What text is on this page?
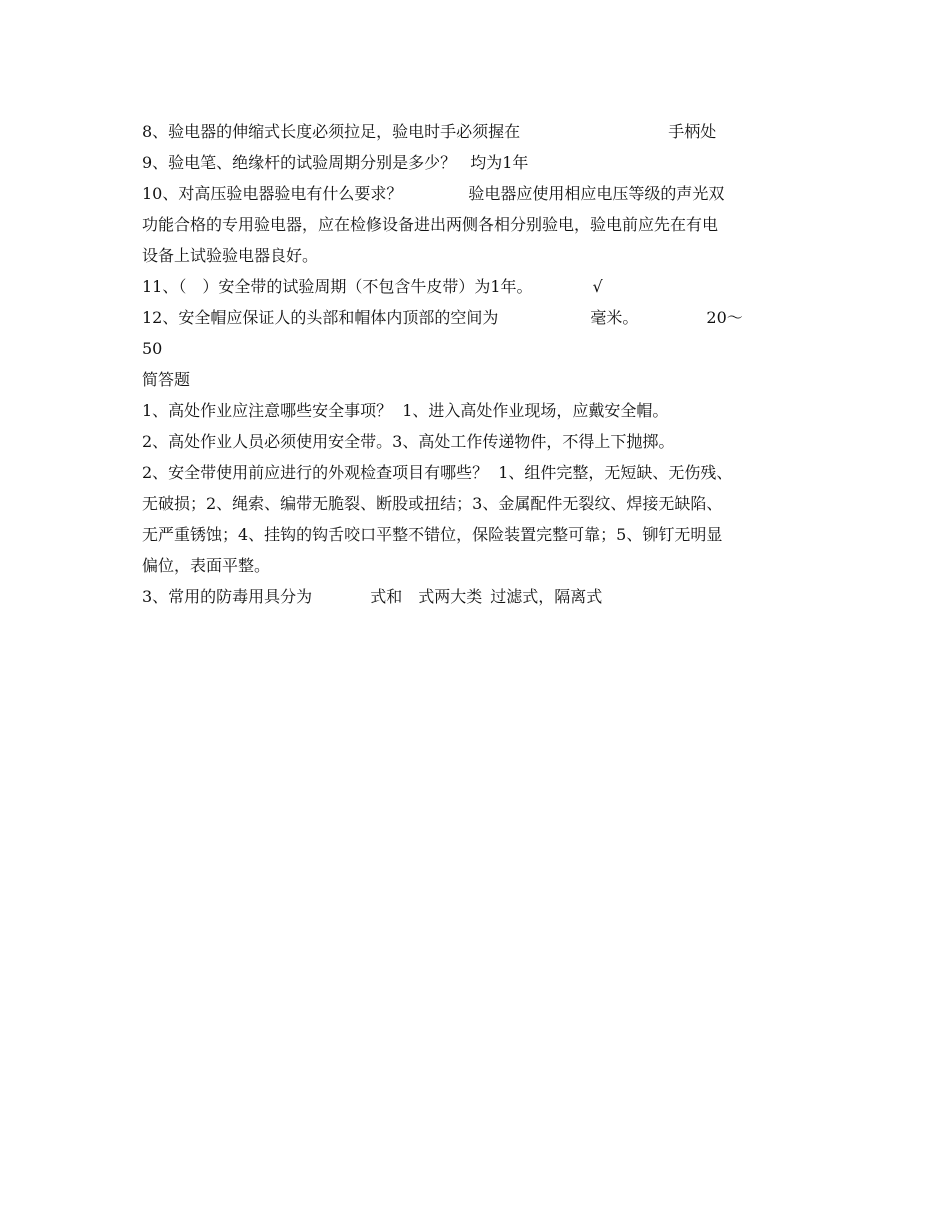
8、验电器的伸缩式长度必须拉足，验电时手必须握在	手柄处
9、验电笔、绝缘杆的试验周期分别是多少？ 均为1年
10、对高压验电器验电有什么要求？	验电器应使用相应电压等级的声光双
功能合格的专用验电器，应在检修设备进出两侧各相分别验电，验电前应先在有电
设备上试验验电器良好。
11、（　）安全带的试验周期（不包含牛皮带）为1年。	√
12、安全帽应保证人的头部和帽体内顶部的空间为	毫米。	20～
50
简答题
1、高处作业应注意哪些安全事项？ 1、进入高处作业现场，应戴安全帽。
2、高处作业人员必须使用安全带。3、高处工作传递物件，不得上下抛掷。
2、安全带使用前应进行的外观检查项目有哪些？ 1、组件完整，无短缺、无伤残、
无破损；2、绳索、编带无脆裂、断股或扭结；3、金属配件无裂纹、焊接无缺陷、
无严重锈蚀；4、挂钩的钩舌咬口平整不错位，保险装置完整可靠；5、铆钉无明显
偏位，表面平整。
3、常用的防毒用具分为	式和 式两大类 过滤式，隔离式
